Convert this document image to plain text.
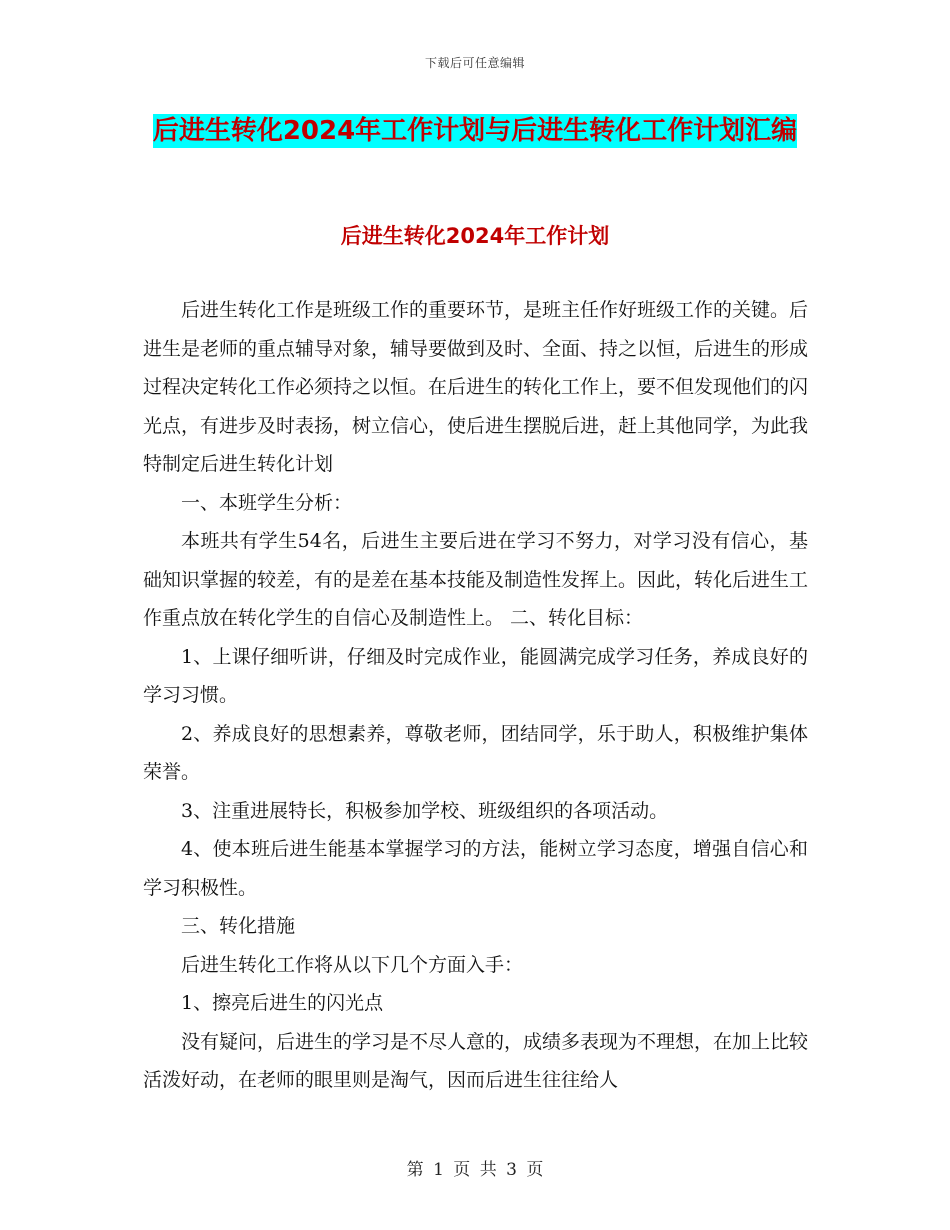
下载后可任意编辑
后进生转化2024年工作计划与后进生转化工作计划汇编
后进生转化2024年工作计划

后进生转化工作是班级工作的重要环节，是班主任作好班级工作的关键。后进生是老师的重点辅导对象，辅导要做到及时、全面、持之以恒，后进生的形成过程决定转化工作必须持之以恒。在后进生的转化工作上，要不但发现他们的闪光点，有进步及时表扬，树立信心，使后进生摆脱后进，赶上其他同学，为此我特制定后进生转化计划

一、本班学生分析：

本班共有学生54名，后进生主要后进在学习不努力，对学习没有信心，基础知识掌握的较差，有的是差在基本技能及制造性发挥上。因此，转化后进生工作重点放在转化学生的自信心及制造性上。 二、转化目标：

1、上课仔细听讲，仔细及时完成作业，能圆满完成学习任务，养成良好的学习习惯。

2、养成良好的思想素养，尊敬老师，团结同学，乐于助人，积极维护集体荣誉。

3、注重进展特长，积极参加学校、班级组织的各项活动。

4、使本班后进生能基本掌握学习的方法，能树立学习态度，增强自信心和学习积极性。

三、转化措施

后进生转化工作将从以下几个方面入手：

1、擦亮后进生的闪光点

没有疑问，后进生的学习是不尽人意的，成绩多表现为不理想，在加上比较活泼好动，在老师的眼里则是淘气，因而后进生往往给人

第 1 页 共 3 页
